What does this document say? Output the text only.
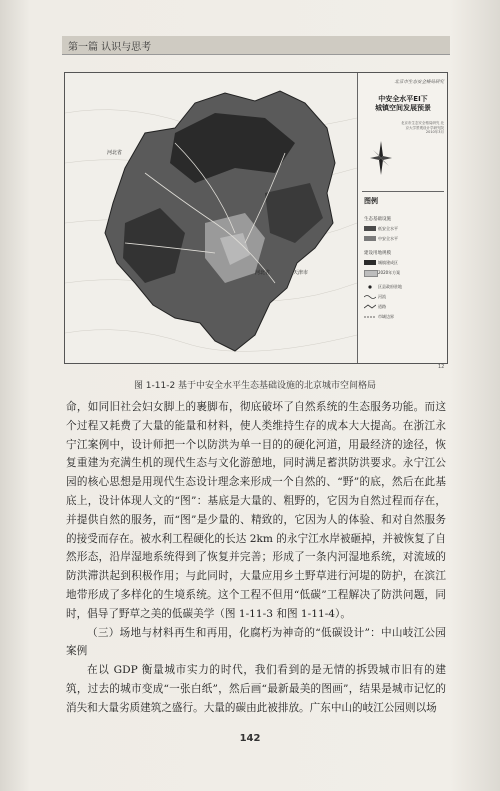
第一篇 认识与思考
河北省
河北省	天津市
北京市生态安全格局研究
中安全水平EI下
城镇空间发展预景
北京市生态安全格局研究 北京大学景观设计学研究院 2010年3月
图例
生态基础设施
低安全水平
中安全水平
建设用地规模
城镇建成区
2020年方案
区县政府驻地
河流
道路
市域边界
12
图 1-11-2 基于中安全水平生态基础设施的北京城市空间格局

命，如同旧社会妇女脚上的裹脚布，彻底破坏了自然系统的生态服务功能。而这个过程又耗费了大量的能量和材料，使人类维持生存的成本大大提高。在浙江永宁江案例中，设计师把一个以防洪为单一目的的硬化河道，用最经济的途径，恢复重建为充满生机的现代生态与文化游憩地，同时满足蓄洪防洪要求。永宁江公园的核心思想是用现代生态设计理念来形成一个自然的、“野”的底，然后在此基底上，设计体现人文的“图”：基底是大量的、粗野的，它因为自然过程而存在，并提供自然的服务，而“图”是少量的、精致的，它因为人的体验、和对自然服务的接受而存在。被水利工程硬化的长达 2km 的永宁江水岸被砸掉，并被恢复了自然形态，沿岸湿地系统得到了恢复并完善；形成了一条内河湿地系统，对流域的防洪滞洪起到积极作用；与此同时，大量应用乡土野草进行河堤的防护，在滨江地带形成了多样化的生境系统。这个工程不但用“低碳”工程解决了防洪问题，同时，倡导了野草之美的低碳美学（图 1-11-3 和图 1-11-4）。

（三）场地与材料再生和再用，化腐朽为神奇的“低碳设计”：中山岐江公园案例

在以 GDP 衡量城市实力的时代，我们看到的是无情的拆毁城市旧有的建筑，过去的城市变成“一张白纸”，然后画“最新最美的图画”，结果是城市记忆的消失和大量劣质建筑之盛行。大量的碳由此被排放。广东中山的岐江公园则以场

142
